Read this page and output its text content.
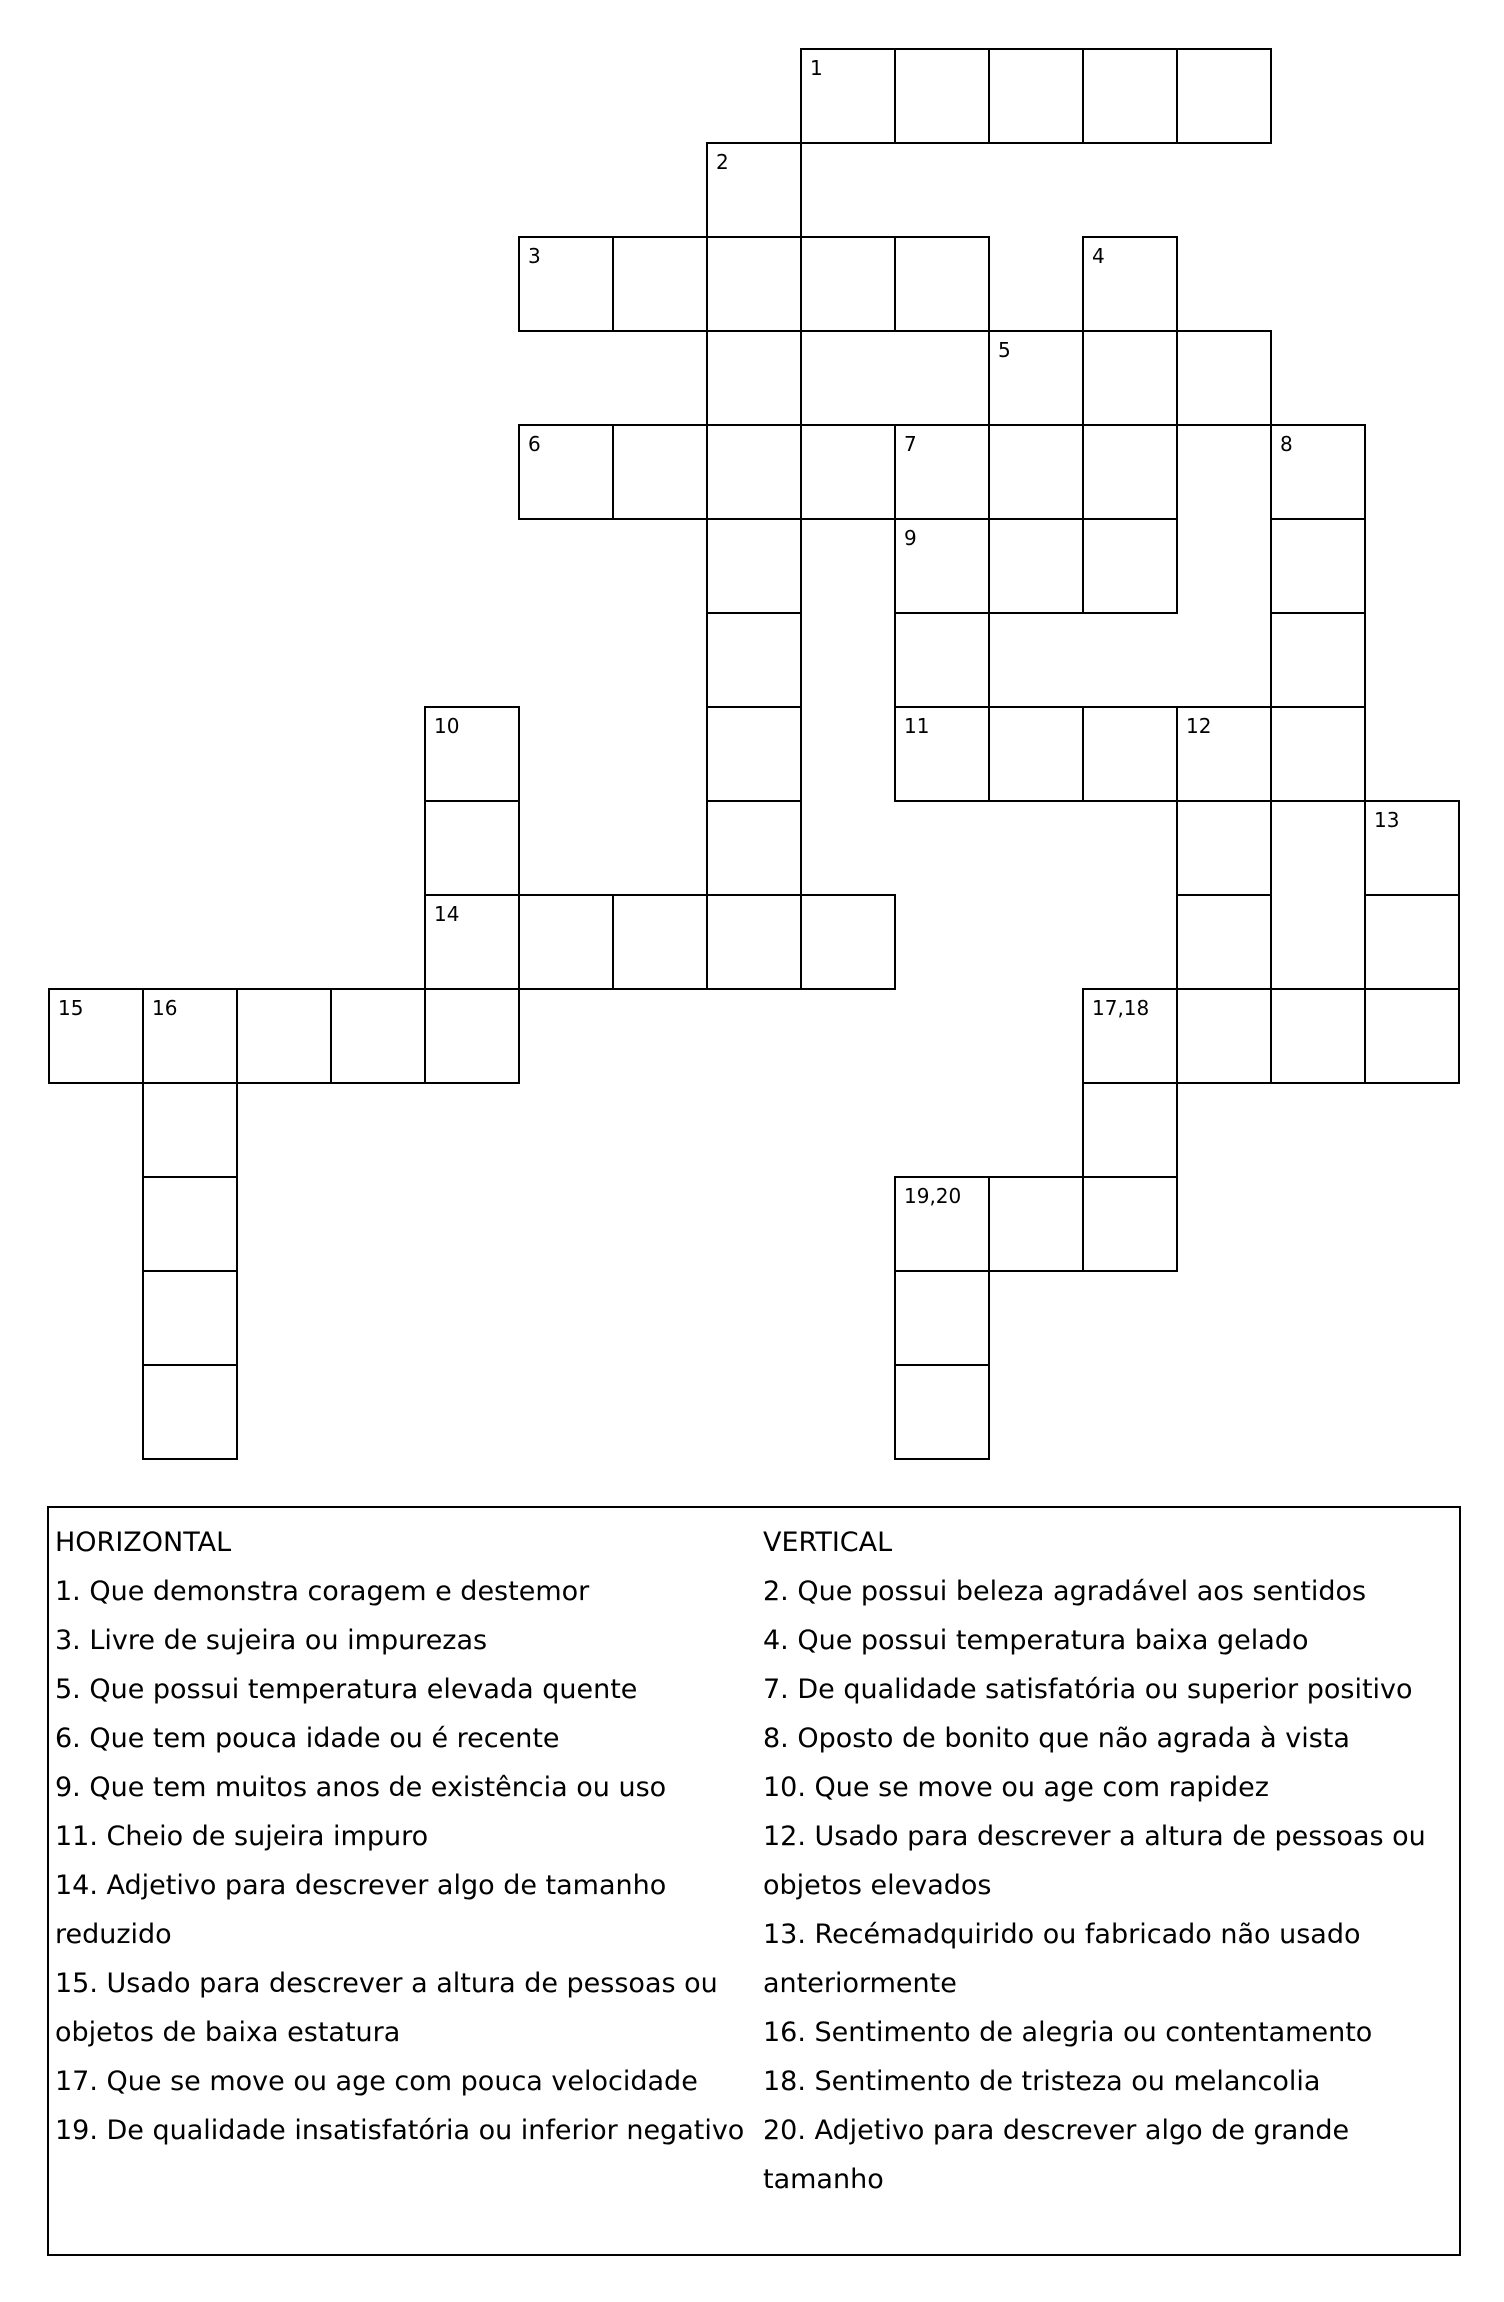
1
2
3	4
5
6	7	8
9
10	11	12
13
14
15	16	17,18
19,20
HORIZONTAL
1. Que demonstra coragem e destemor
3. Livre de sujeira ou impurezas
5. Que possui temperatura elevada quente
6. Que tem pouca idade ou é recente
9. Que tem muitos anos de existência ou uso
11. Cheio de sujeira impuro
14. Adjetivo para descrever algo de tamanho
reduzido
15. Usado para descrever a altura de pessoas ou
objetos de baixa estatura
17. Que se move ou age com pouca velocidade
19. De qualidade insatisfatória ou inferior negativo
VERTICAL
2. Que possui beleza agradável aos sentidos
4. Que possui temperatura baixa gelado
7. De qualidade satisfatória ou superior positivo
8. Oposto de bonito que não agrada à vista
10. Que se move ou age com rapidez
12. Usado para descrever a altura de pessoas ou
objetos elevados
13. Recémadquirido ou fabricado não usado
anteriormente
16. Sentimento de alegria ou contentamento
18. Sentimento de tristeza ou melancolia
20. Adjetivo para descrever algo de grande
tamanho
